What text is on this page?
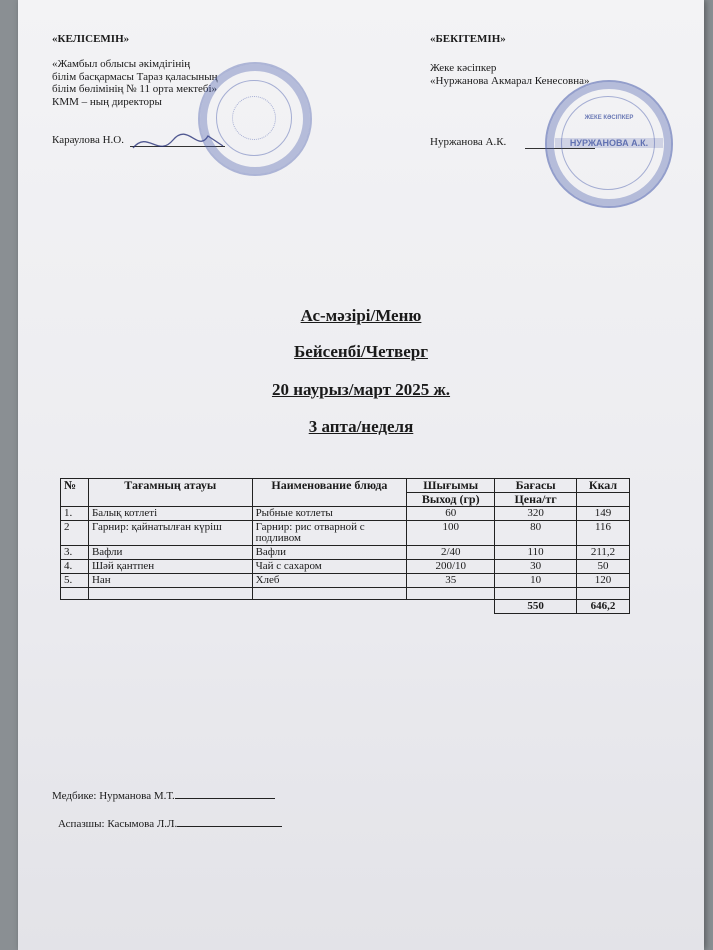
«КЕЛІСЕМІН»
«Жамбыл облысы әкімдігінің
білім басқармасы Тараз қаласының
білім бөлімінің № 11 орта мектебі»
КММ – ның директоры
Караулова Н.О.
«БЕКІТЕМІН»
Жеке кәсіпкер
«Нуржанова Акмарал Кенесовна»
Нуржанова А.К.
ЖЕКЕ КӘСІПКЕР
НУРЖАНОВА А.К.
Ас-мәзірі/Меню
Бейсенбі/Четверг
20 наурыз/март 2025 ж.
3 апта/неделя
№	Тағамның атауы	Наименование блюда	Шығымы	Бағасы	Ккал
			Выход (гр)	Цена/тг	
1.	Балық котлеті	Рыбные котлеты	60	320	149
2	Гарнир: қайнатылған күріш	Гарнир: рис отварной с подливом	100	80	116
3.	Вафли	Вафли	2/40	110	211,2
4.	Шәй қантпен	Чай с сахаром	200/10	30	50
5.	Нан	Хлеб	35	10	120

				550	646,2
Медбике: Нурманова М.Т.
Аспазшы: Касымова Л.Л.
